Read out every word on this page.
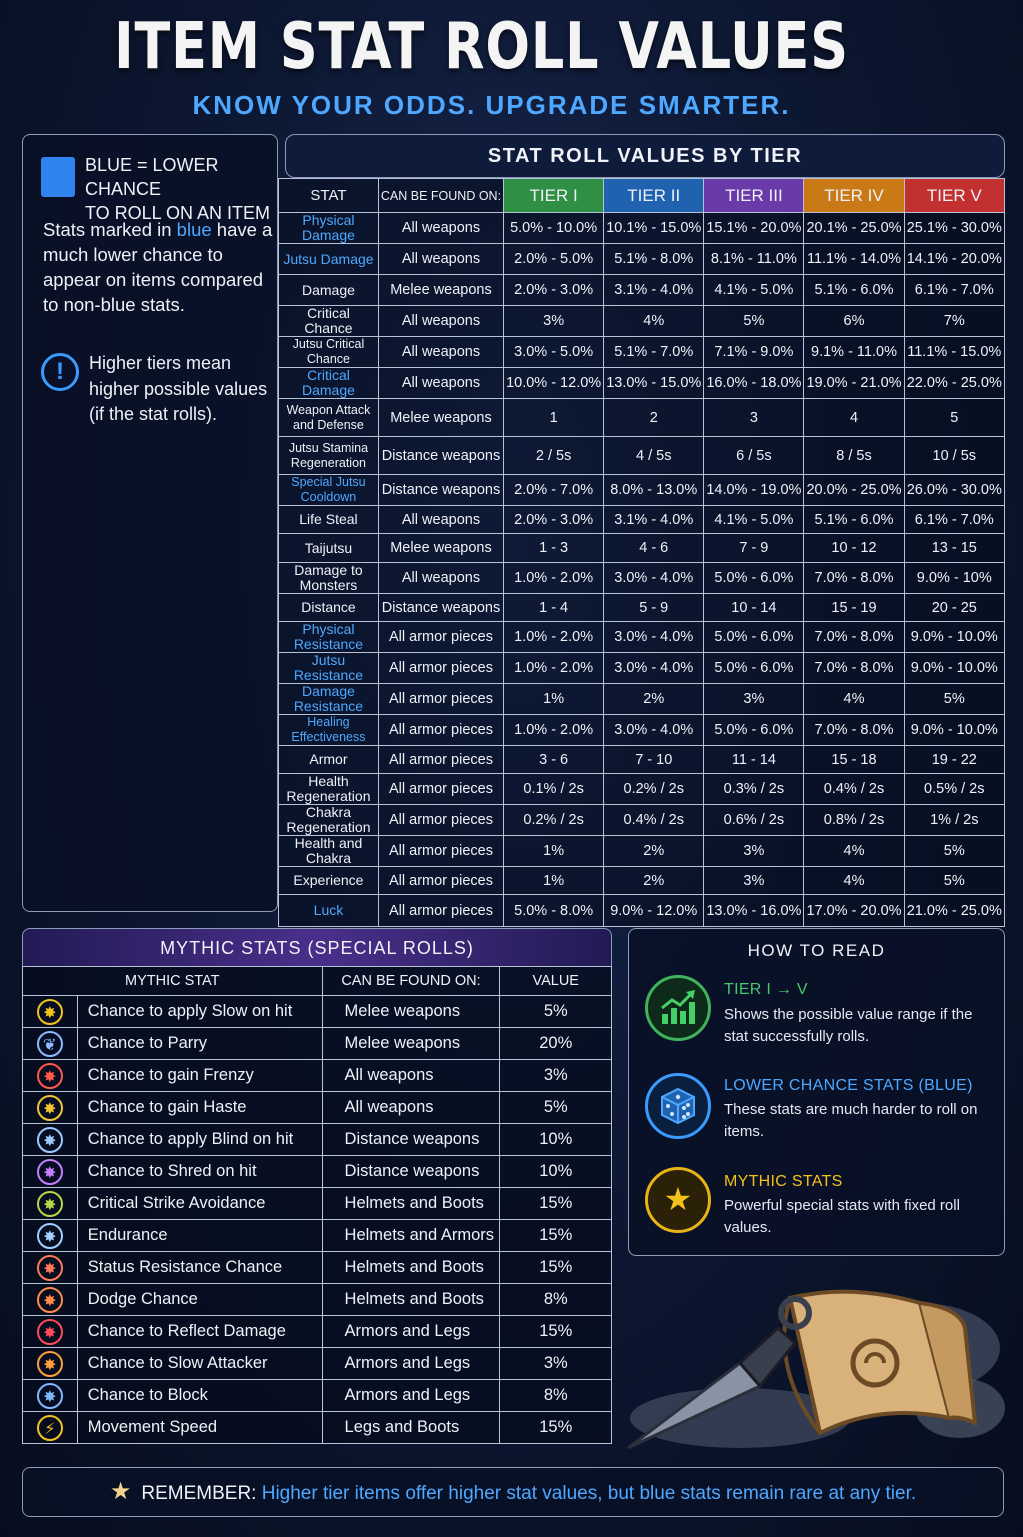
ITEM STAT ROLL VALUES
KNOW YOUR ODDS. UPGRADE SMARTER.
BLUE = LOWER CHANCE
TO ROLL ON AN ITEM
Stats marked in blue have a much lower chance to appear on items compared to non-blue stats.
!	Higher tiers mean higher possible values (if the stat rolls).
STAT ROLL VALUES BY TIER
STAT	CAN BE FOUND ON:	TIER I	TIER II	TIER III	TIER IV	TIER V
Physical Damage	All weapons	5.0% - 10.0%	10.1% - 15.0%	15.1% - 20.0%	20.1% - 25.0%	25.1% - 30.0%
Jutsu Damage	All weapons	2.0% - 5.0%	5.1% - 8.0%	8.1% - 11.0%	11.1% - 14.0%	14.1% - 20.0%
Damage	Melee weapons	2.0% - 3.0%	3.1% - 4.0%	4.1% - 5.0%	5.1% - 6.0%	6.1% - 7.0%
Critical Chance	All weapons	3%	4%	5%	6%	7%
Jutsu Critical Chance	All weapons	3.0% - 5.0%	5.1% - 7.0%	7.1% - 9.0%	9.1% - 11.0%	11.1% - 15.0%
Critical Damage	All weapons	10.0% - 12.0%	13.0% - 15.0%	16.0% - 18.0%	19.0% - 21.0%	22.0% - 25.0%
Weapon Attack and Defense	Melee weapons	1	2	3	4	5
Jutsu Stamina Regeneration	Distance weapons	2 / 5s	4 / 5s	6 / 5s	8 / 5s	10 / 5s
Special Jutsu Cooldown	Distance weapons	2.0% - 7.0%	8.0% - 13.0%	14.0% - 19.0%	20.0% - 25.0%	26.0% - 30.0%
Life Steal	All weapons	2.0% - 3.0%	3.1% - 4.0%	4.1% - 5.0%	5.1% - 6.0%	6.1% - 7.0%
Taijutsu	Melee weapons	1 - 3	4 - 6	7 - 9	10 - 12	13 - 15
Damage to Monsters	All weapons	1.0% - 2.0%	3.0% - 4.0%	5.0% - 6.0%	7.0% - 8.0%	9.0% - 10%
Distance	Distance weapons	1 - 4	5 - 9	10 - 14	15 - 19	20 - 25
Physical Resistance	All armor pieces	1.0% - 2.0%	3.0% - 4.0%	5.0% - 6.0%	7.0% - 8.0%	9.0% - 10.0%
Jutsu Resistance	All armor pieces	1.0% - 2.0%	3.0% - 4.0%	5.0% - 6.0%	7.0% - 8.0%	9.0% - 10.0%
Damage Resistance	All armor pieces	1%	2%	3%	4%	5%
Healing Effectiveness	All armor pieces	1.0% - 2.0%	3.0% - 4.0%	5.0% - 6.0%	7.0% - 8.0%	9.0% - 10.0%
Armor	All armor pieces	3 - 6	7 - 10	11 - 14	15 - 18	19 - 22
Health Regeneration	All armor pieces	0.1% / 2s	0.2% / 2s	0.3% / 2s	0.4% / 2s	0.5% / 2s
Chakra Regeneration	All armor pieces	0.2% / 2s	0.4% / 2s	0.6% / 2s	0.8% / 2s	1% / 2s
Health and Chakra	All armor pieces	1%	2%	3%	4%	5%
Experience	All armor pieces	1%	2%	3%	4%	5%
Luck	All armor pieces	5.0% - 8.0%	9.0% - 12.0%	13.0% - 16.0%	17.0% - 20.0%	21.0% - 25.0%
MYTHIC STATS (SPECIAL ROLLS)
MYTHIC STAT		CAN BE FOUND ON:	VALUE
✸	Chance to apply Slow on hit	Melee weapons	5%
❦	Chance to Parry	Melee weapons	20%
✸	Chance to gain Frenzy	All weapons	3%
✸	Chance to gain Haste	All weapons	5%
✸	Chance to apply Blind on hit	Distance weapons	10%
✸	Chance to Shred on hit	Distance weapons	10%
✸	Critical Strike Avoidance	Helmets and Boots	15%
✸	Endurance	Helmets and Armors	15%
✸	Status Resistance Chance	Helmets and Boots	15%
✸	Dodge Chance	Helmets and Boots	8%
✸	Chance to Reflect Damage	Armors and Legs	15%
✸	Chance to Slow Attacker	Armors and Legs	3%
✸	Chance to Block	Armors and Legs	8%
⚡	Movement Speed	Legs and Boots	15%
HOW TO READ
TIER I → V
Shows the possible value range if the stat successfully rolls.
LOWER CHANCE STATS (BLUE)
These stats are much harder to roll on items.
★	MYTHIC STATS
Powerful special stats with fixed roll values.
★ REMEMBER: Higher tier items offer higher stat values, but blue stats remain rare at any tier.
